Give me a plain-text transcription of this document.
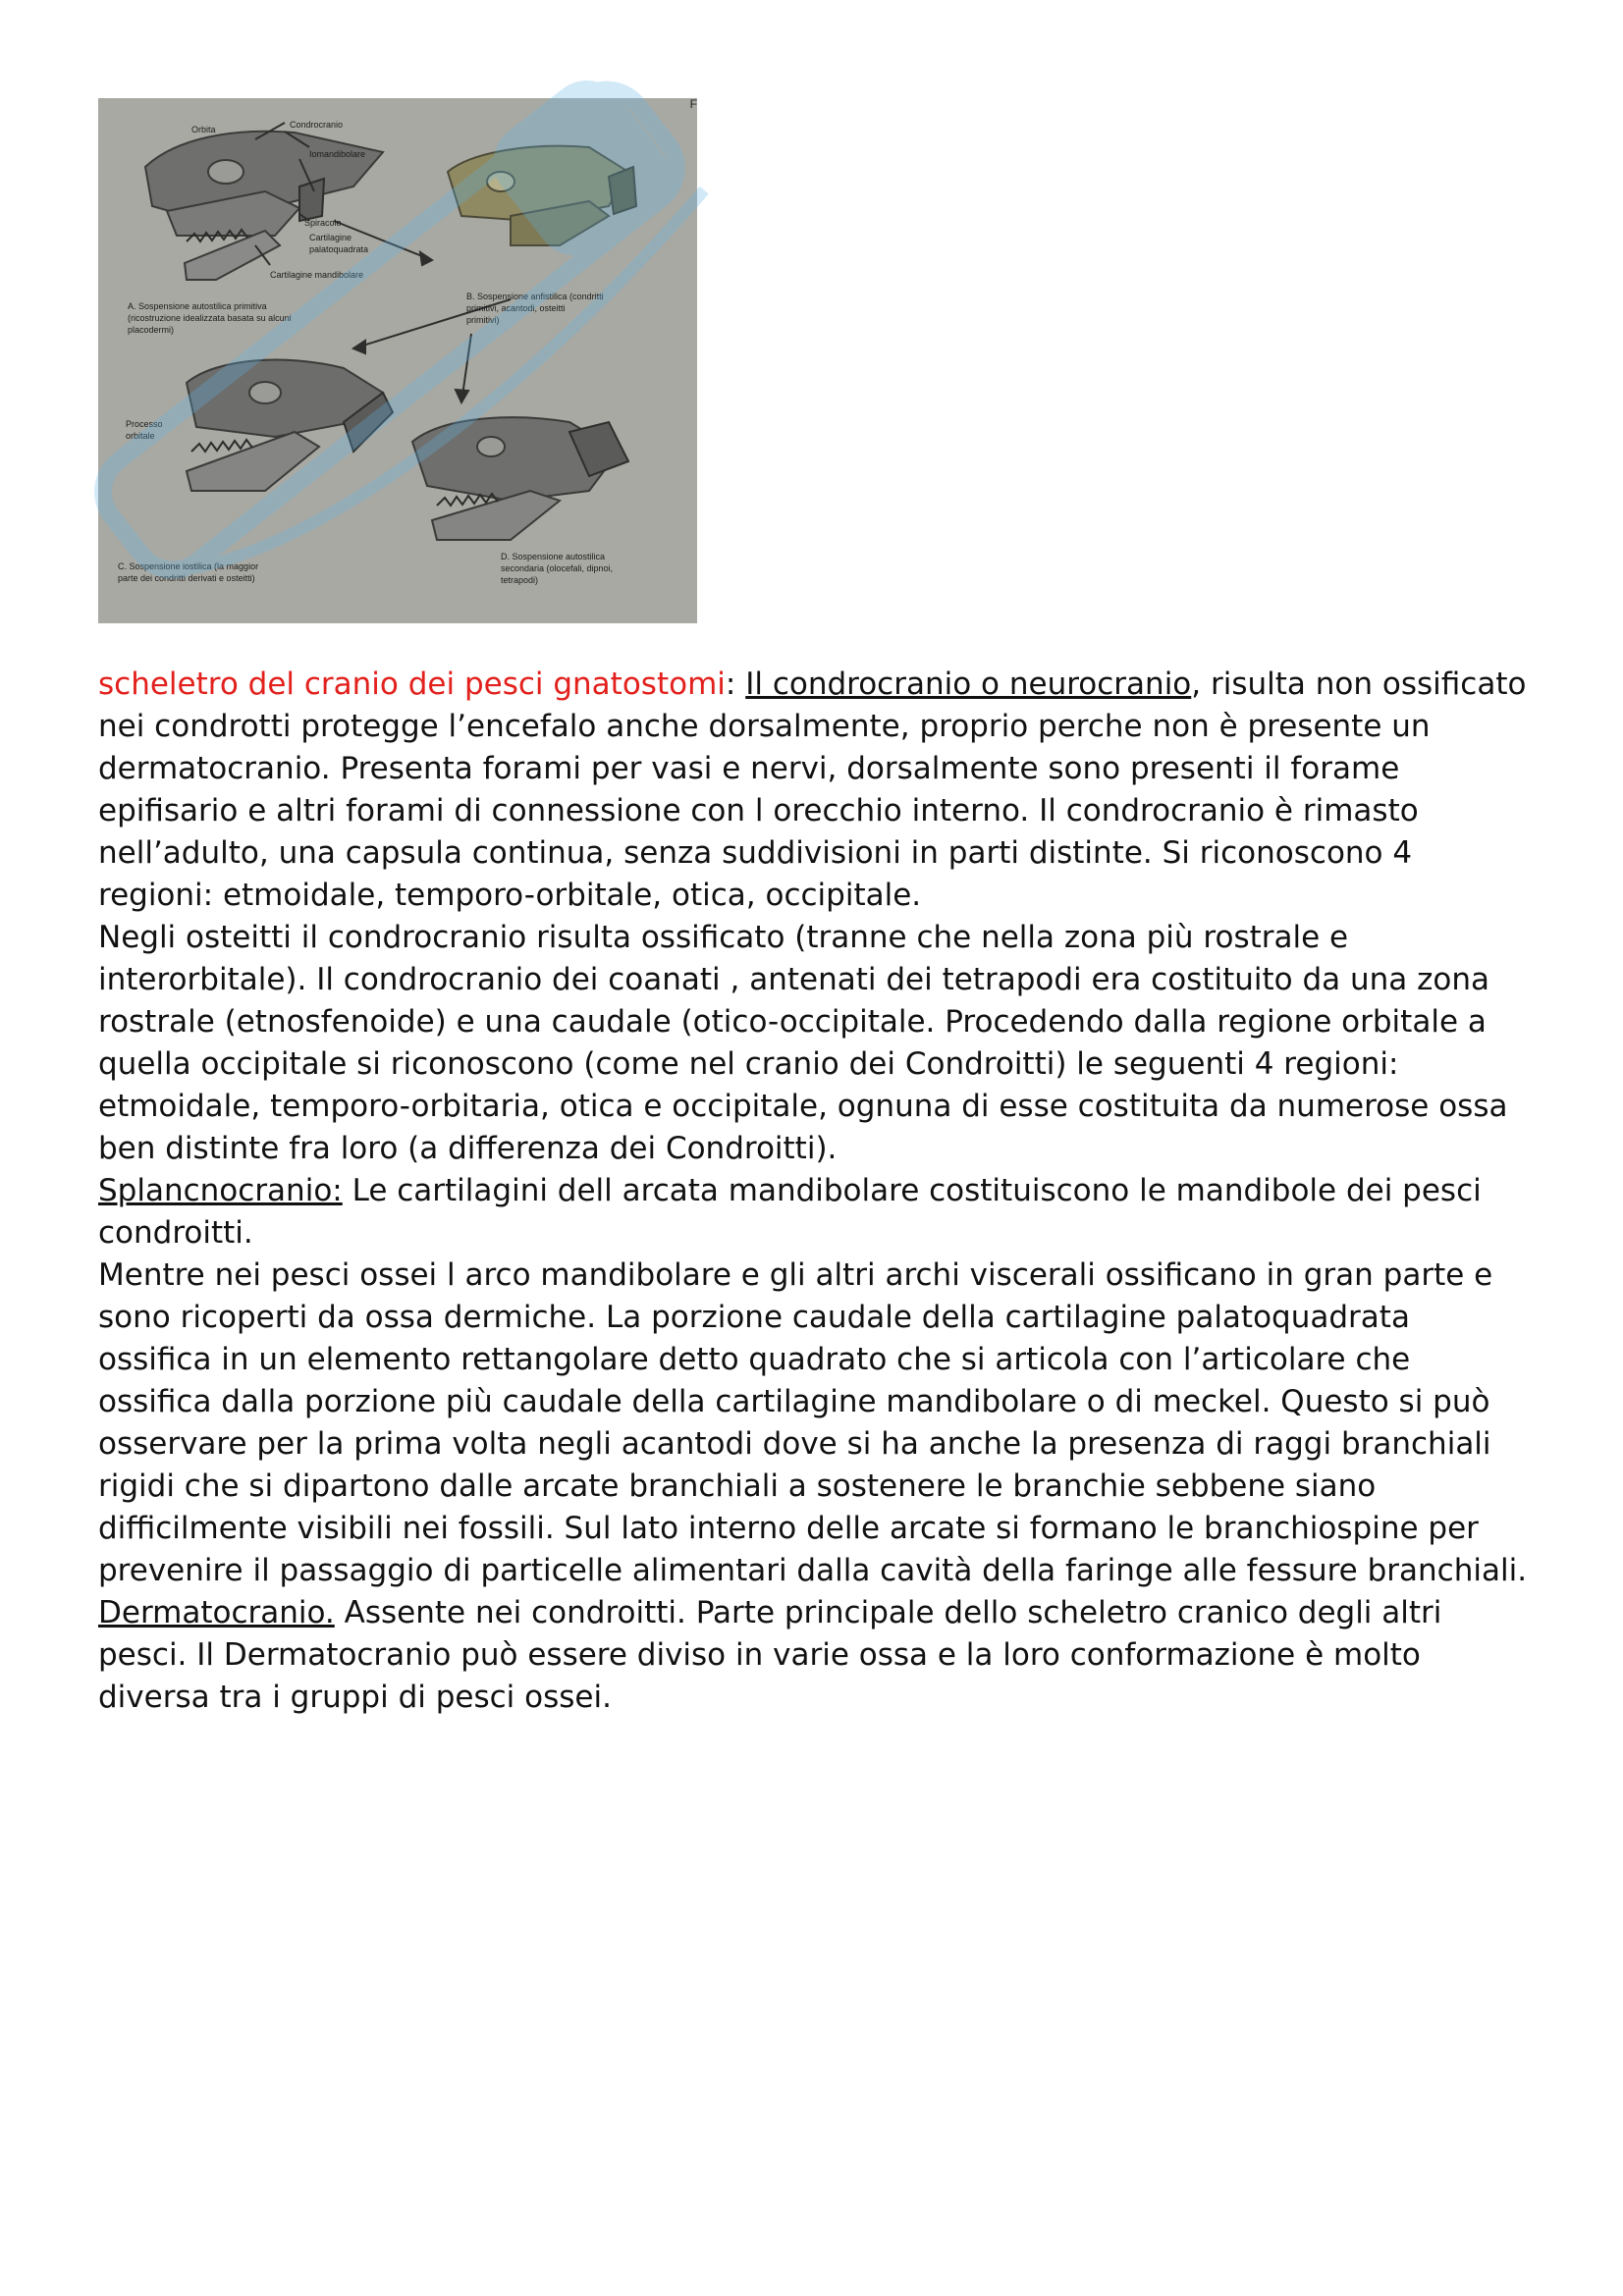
Orbita	Condrocranio
Iomandibolare
Spiracolo
Cartilagine
palatoquadrata
Cartilagine mandibolare
Processo
orbitale
A. Sospensione autostilica primitiva
(ricostruzione idealizzata basata su alcuni
placodermi)
B. Sospensione anfistilica (condritti
primitivi, acantodi, osteitti
primitivi)
C. Sospensione iostilica (la maggior
parte dei condritti derivati e osteitti)
D. Sospensione autostilica
secondaria (olocefali, dipnoi,
tetrapodi)
F

scheletro del cranio dei pesci gnatostomi: Il condrocranio o neurocranio, risulta non ossificato nei condrotti protegge l’encefalo anche dorsalmente, proprio perche non è presente un dermatocranio. Presenta forami per vasi e nervi, dorsalmente sono presenti il forame epifisario e altri forami di connessione con l orecchio interno. Il condrocranio è rimasto nell’adulto, una capsula continua, senza suddivisioni in parti distinte. Si riconoscono 4 regioni: etmoidale, temporo-orbitale, otica, occipitale.

Negli osteitti il condrocranio risulta ossificato (tranne che nella zona più rostrale e interorbitale). Il condrocranio dei coanati , antenati dei tetrapodi era costituito da una zona rostrale (etnosfenoide) e una caudale (otico-occipitale. Procedendo dalla regione orbitale a quella occipitale si riconoscono (come nel cranio dei Condroitti) le seguenti 4 regioni: etmoidale, temporo-orbitaria, otica e occipitale, ognuna di esse costituita da numerose ossa ben distinte fra loro (a differenza dei Condroitti).

Splancnocranio: Le cartilagini dell arcata mandibolare costituiscono le mandibole dei pesci condroitti.

Mentre nei pesci ossei l arco mandibolare e gli altri archi viscerali ossificano in gran parte e sono ricoperti da ossa dermiche. La porzione caudale della cartilagine palatoquadrata ossifica in un elemento rettangolare detto quadrato che si articola con l’articolare che ossifica dalla porzione più caudale della cartilagine mandibolare o di meckel. Questo si può osservare per la prima volta negli acantodi dove si ha anche la presenza di raggi branchiali rigidi che si dipartono dalle arcate branchiali a sostenere le branchie sebbene siano difficilmente visibili nei fossili. Sul lato interno delle arcate si formano le branchiospine per prevenire il passaggio di particelle alimentari dalla cavità della faringe alle fessure branchiali. Dermatocranio. Assente nei condroitti. Parte principale dello scheletro cranico degli altri pesci. Il Dermatocranio può essere diviso in varie ossa e la loro conformazione è molto diversa tra i gruppi di pesci ossei.
